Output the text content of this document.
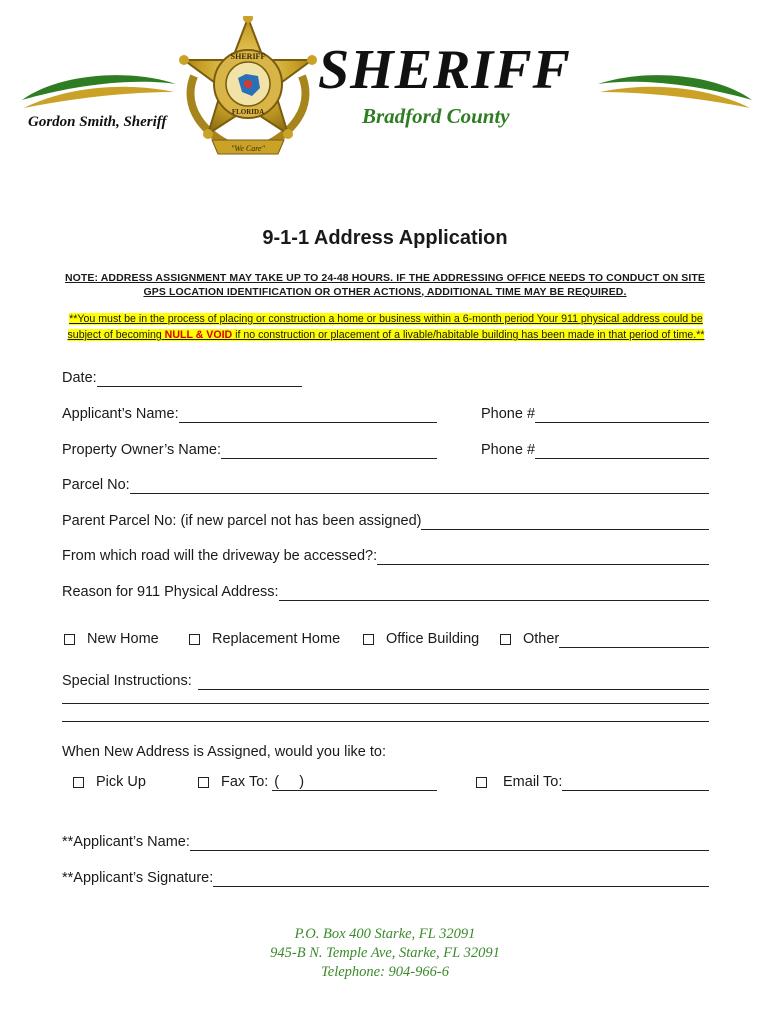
SHERIFF
FLORIDA
"We Care"
SHERIFF
Bradford County
Gordon Smith, Sheriff
9-1-1 Address Application
NOTE: ADDRESS ASSIGNMENT MAY TAKE UP TO 24-48 HOURS. IF THE ADDRESSING OFFICE NEEDS TO CONDUCT ON SITE GPS LOCATION IDENTIFICATION OR OTHER ACTIONS, ADDITIONAL TIME MAY BE REQUIRED.
**You must be in the process of placing or construction a home or business within a 6-month period Your 911 physical address could be subject of becoming NULL & VOID if no construction or placement of a livable/habitable building has been made in that period of time.**
Date:
Applicant’s Name:	Phone #
Property Owner’s Name:	Phone #
Parcel No:
Parent Parcel No: (if new parcel not has been assigned)
From which road will the driveway be accessed?:
Reason for 911 Physical Address:
New Home	Replacement Home	Office Building	Other
Special Instructions:
When New Address is Assigned, would you like to:
Pick Up	Fax To: (     )	Email To:
**Applicant’s Name:
**Applicant’s Signature:
P.O. Box 400 Starke, FL 32091
945-B N. Temple Ave, Starke, FL 32091
Telephone: 904-966-6
